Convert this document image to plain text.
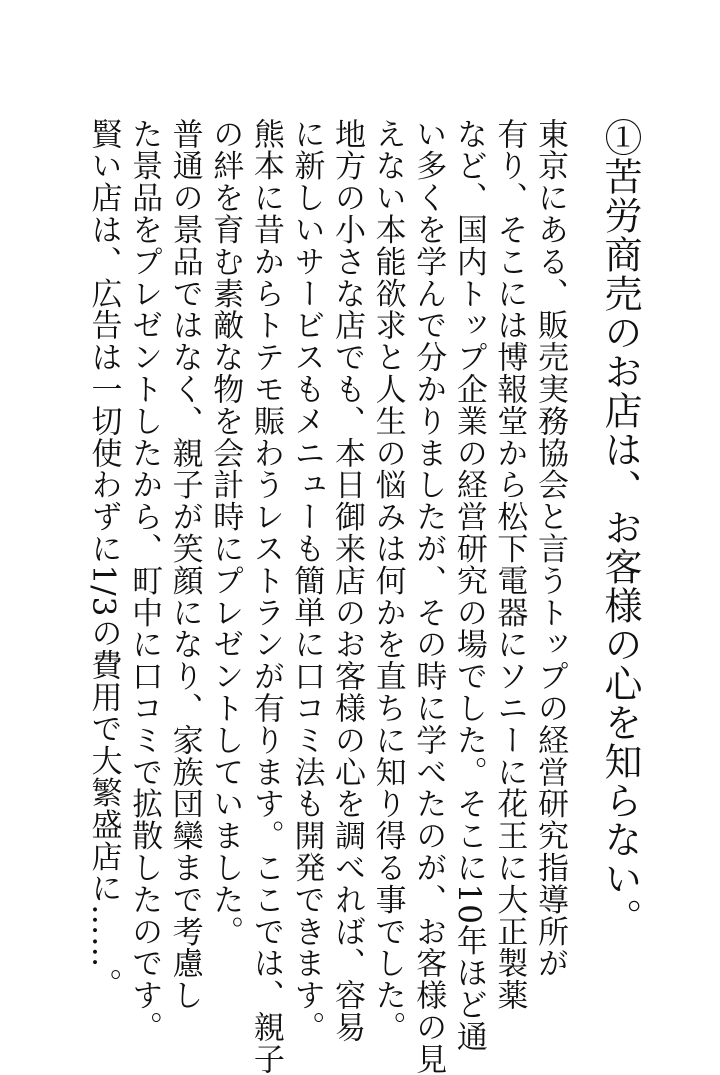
①苦労商売のお店は、お客様の心を知らない。
東京にある、販売実務協会と言うトップの経営研究指導所が
有り、そこには博報堂から松下電器にソニーに花王に大正製薬
など、国内トップ企業の経営研究の場でした。そこに10年ほど通
い多くを学んで分かりましたが、その時に学べたのが、お客様の見
えない本能欲求と人生の悩みは何かを直ちに知り得る事でした。
地方の小さな店でも、本日御来店のお客様の心を調べれば、容易
に新しいサービスもメニューも簡単に口コミ法も開発できます。
熊本に昔からトテモ賑わうレストランが有ります。ここでは、親子
の絆を育む素敵な物を会計時にプレゼントしていました。
普通の景品ではなく、親子が笑顔になり、家族団欒まで考慮し
た景品をプレゼントしたから、町中に口コミで拡散したのです。
賢い店は、広告は一切使わずに1/3の費用で大繁盛店に……。
